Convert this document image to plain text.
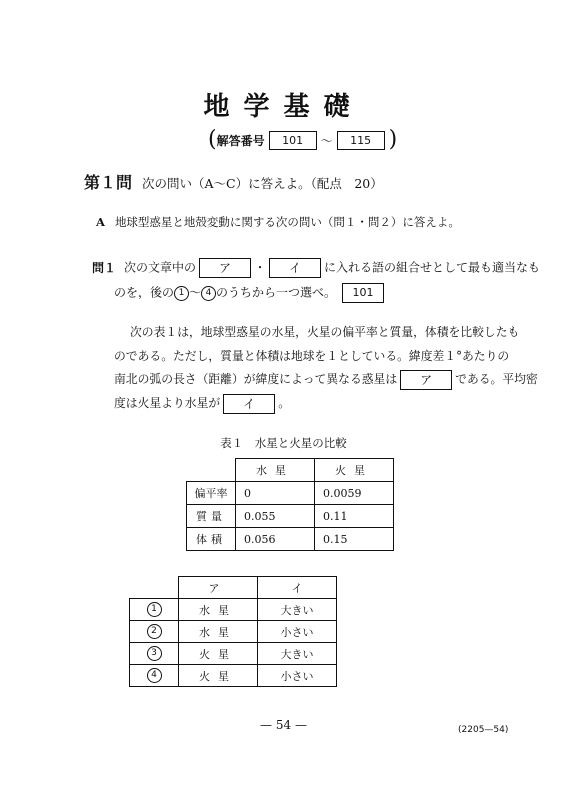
地学基礎
( 解答番号	101	〜	115 )
第１問 次の問い（A〜C）に答えよ。（配点　20）
A 地球型惑星と地殻変動に関する次の問い（問１・問２）に答えよ。
問１ 次の文章中の ア ・ イ に入れる語の組合せとして最も適当なも
のを，後の 1 〜 4 のうちから一つ選べ。 101
次の表１は，地球型惑星の水星，火星の偏平率と質量，体積を比較したも
のである。ただし，質量と体積は地球を１としている。緯度差１°あたりの
南北の弧の長さ（距離）が緯度によって異なる惑星は ア である。平均密
度は火星より水星が イ 。
表１　水星と火星の比較
	水星	火星
偏平率	0	0.0059
質量	0.055	0.11
体積	0.056	0.15
	ア	イ
1	水星	大きい
2	水星	小さい
3	火星	大きい
4	火星	小さい
— 54 —	(2205—54)
